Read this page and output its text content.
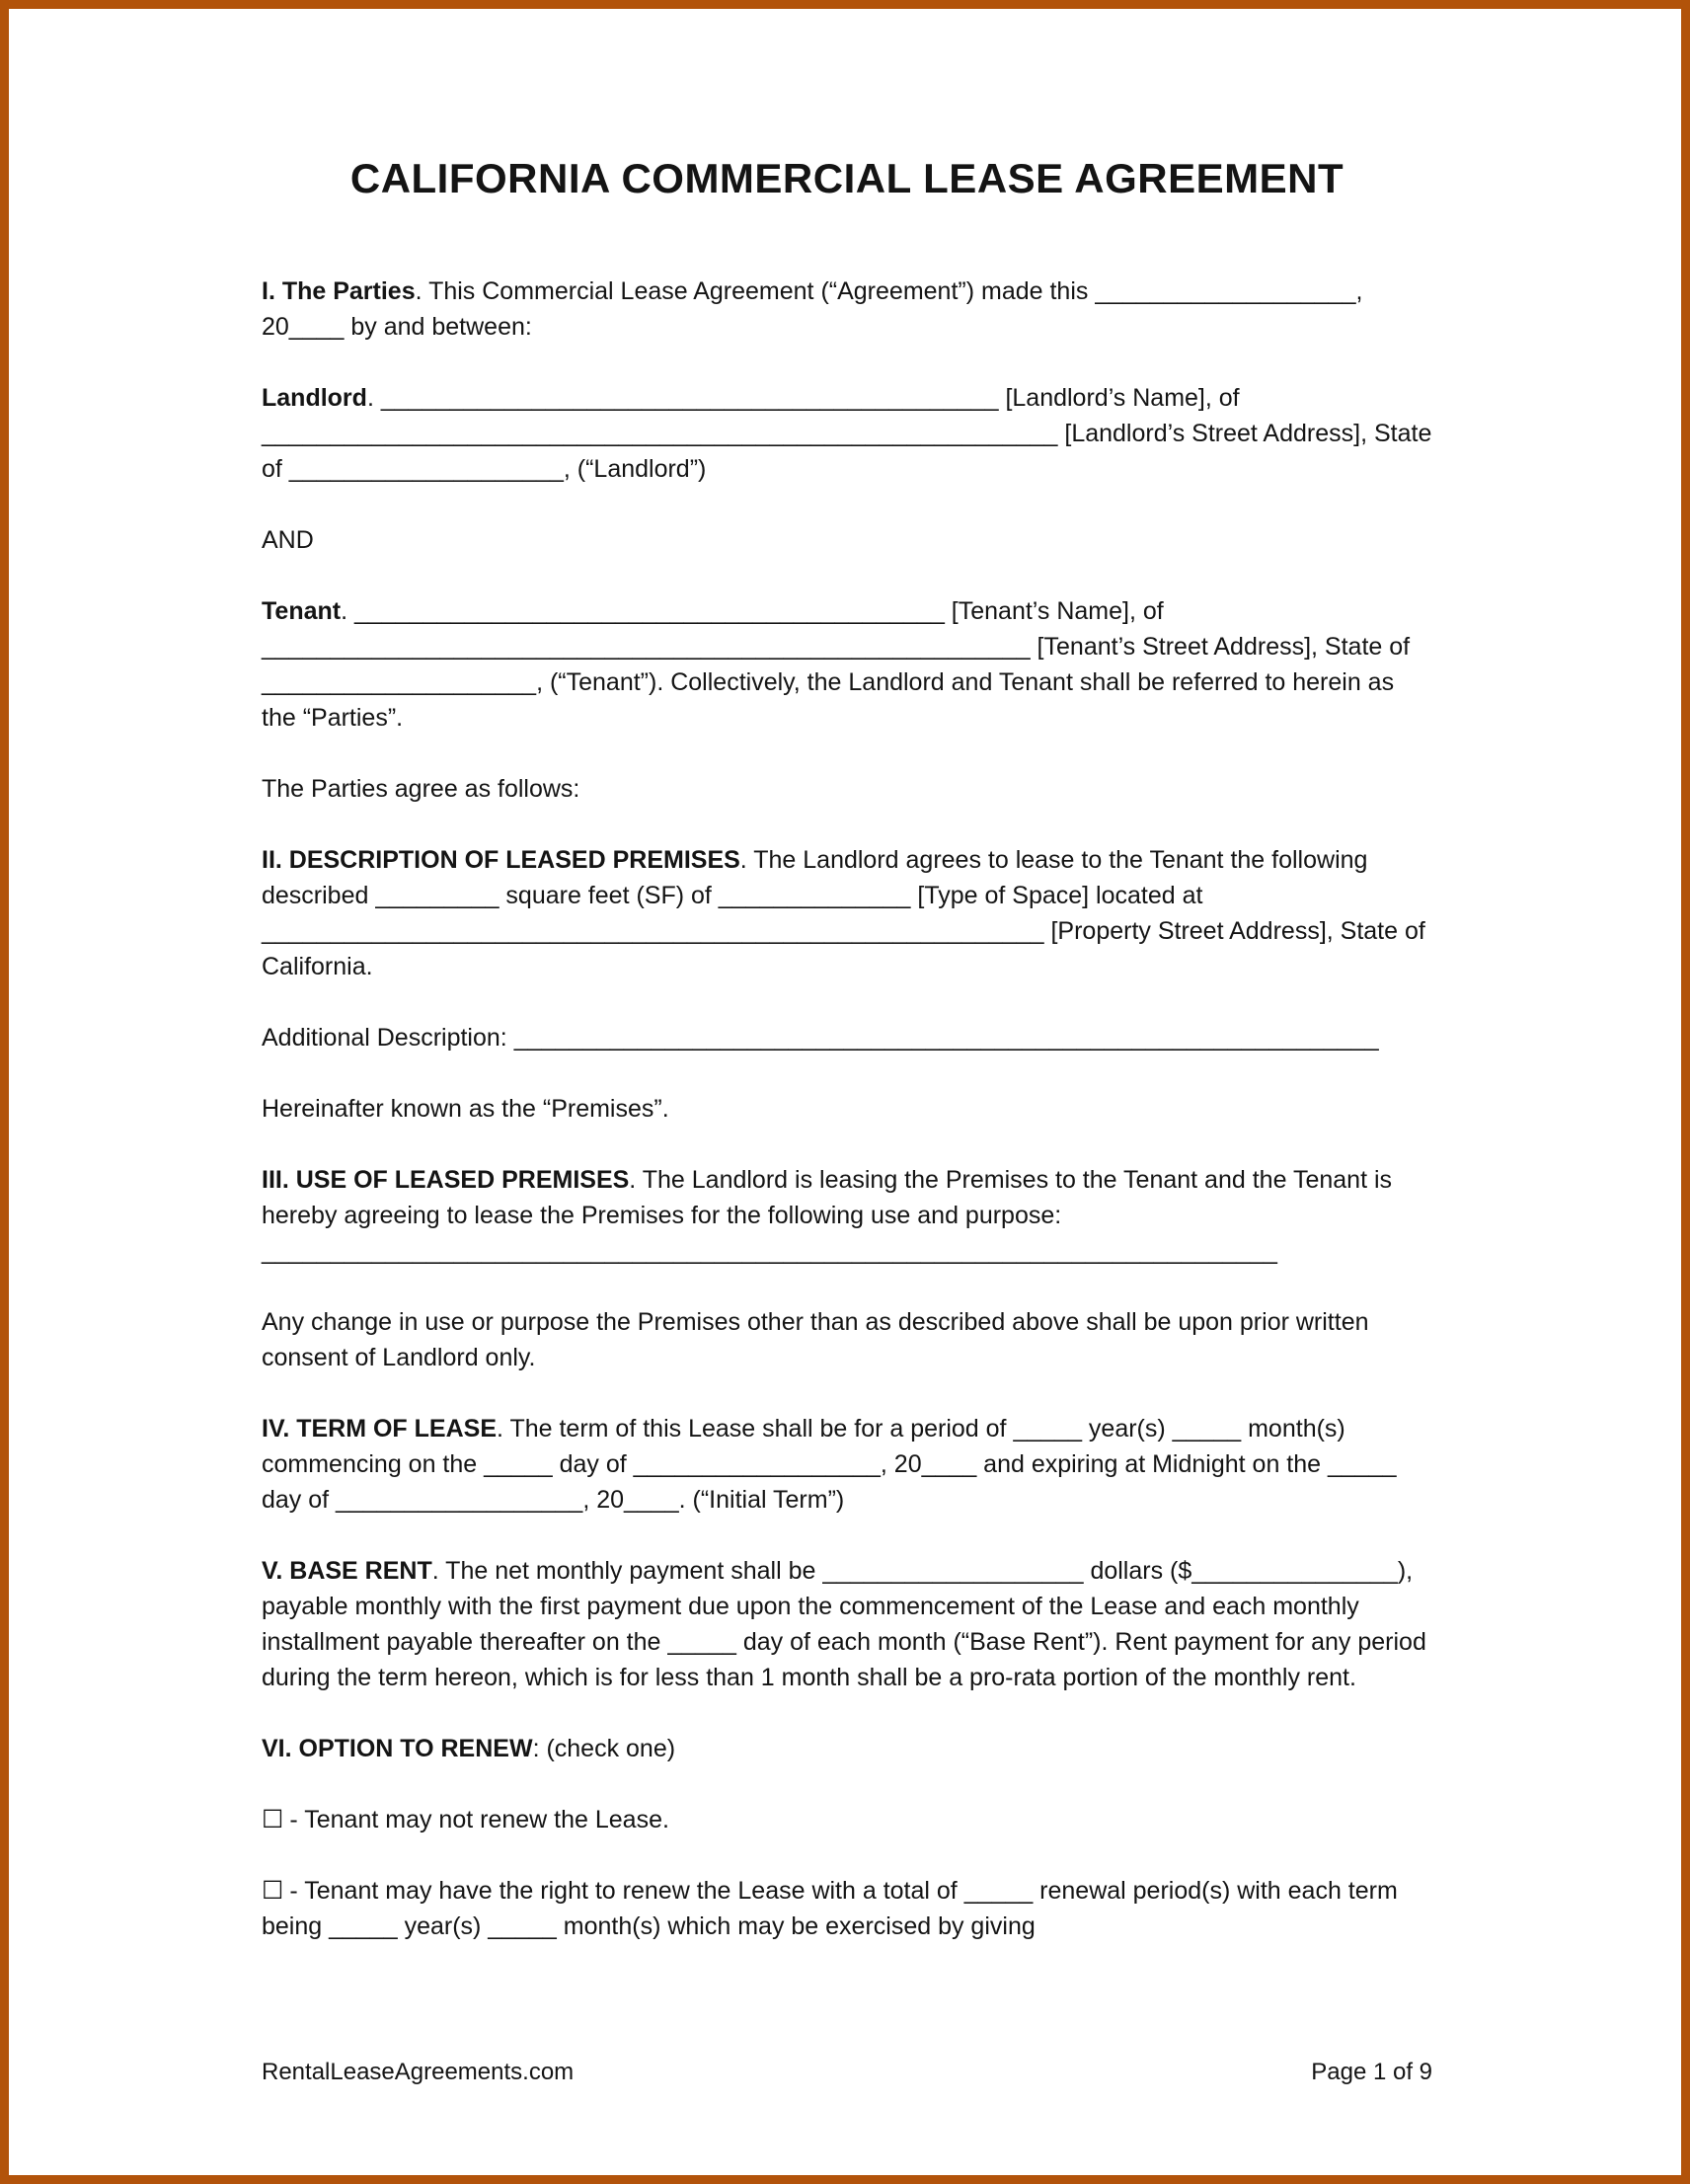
CALIFORNIA COMMERCIAL LEASE AGREEMENT

I. The Parties. This Commercial Lease Agreement (“Agreement”) made this ___________________, 20____ by and between:

Landlord. _____________________________________________ [Landlord’s Name], of __________________________________________________________ [Landlord’s Street Address], State of ____________________, (“Landlord”)

AND

Tenant. ___________________________________________ [Tenant’s Name], of ________________________________________________________ [Tenant’s Street Address], State of ____________________, (“Tenant”). Collectively, the Landlord and Tenant shall be referred to herein as the “Parties”.

The Parties agree as follows:

II. DESCRIPTION OF LEASED PREMISES. The Landlord agrees to lease to the Tenant the following described _________ square feet (SF) of ______________ [Type of Space] located at _________________________________________________________ [Property Street Address], State of California.

Additional Description: _______________________________________________________________

Hereinafter known as the “Premises”.

III. USE OF LEASED PREMISES. The Landlord is leasing the Premises to the Tenant and the Tenant is hereby agreeing to lease the Premises for the following use and purpose: __________________________________________________________________________

Any change in use or purpose the Premises other than as described above shall be upon prior written consent of Landlord only.

IV. TERM OF LEASE. The term of this Lease shall be for a period of _____ year(s) _____ month(s) commencing on the _____ day of __________________, 20____ and expiring at Midnight on the _____ day of __________________, 20____. (“Initial Term”)

V. BASE RENT. The net monthly payment shall be ___________________ dollars ($_______________), payable monthly with the first payment due upon the commencement of the Lease and each monthly installment payable thereafter on the _____ day of each month (“Base Rent”). Rent payment for any period during the term hereon, which is for less than 1 month shall be a pro-rata portion of the monthly rent.

VI. OPTION TO RENEW: (check one)

☐ - Tenant may not renew the Lease.

☐ - Tenant may have the right to renew the Lease with a total of _____ renewal period(s) with each term being _____ year(s) _____ month(s) which may be exercised by giving

RentalLeaseAgreements.com	Page 1 of 9
